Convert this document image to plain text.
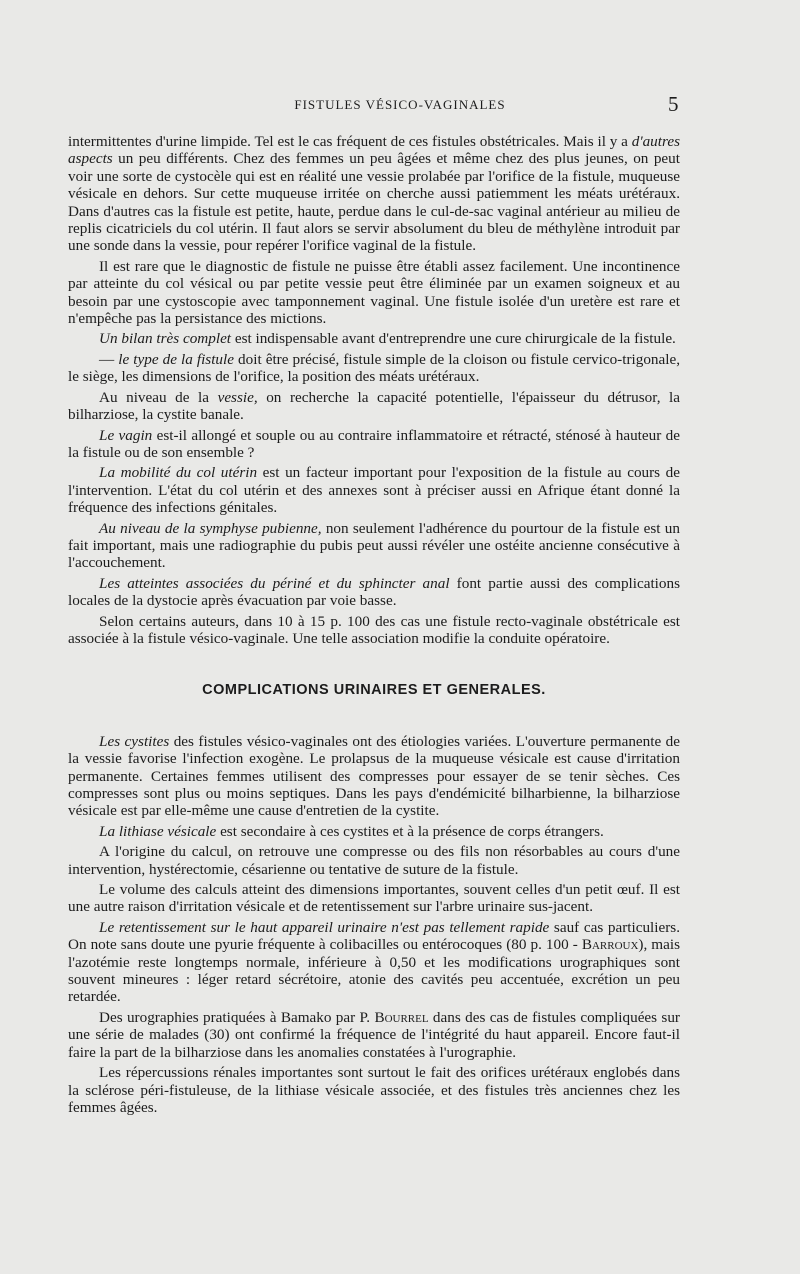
FISTULES VÉSICO-VAGINALES	5

intermittentes d'urine limpide. Tel est le cas fréquent de ces fistules obstétricales. Mais il y a d'autres aspects un peu différents. Chez des femmes un peu âgées et même chez des plus jeunes, on peut voir une sorte de cystocèle qui est en réalité une vessie prolabée par l'orifice de la fistule, muqueuse vésicale en dehors. Sur cette muqueuse irritée on cherche aussi patiemment les méats urétéraux. Dans d'autres cas la fistule est petite, haute, perdue dans le cul-de-sac vaginal antérieur au milieu de replis cicatriciels du col utérin. Il faut alors se servir absolument du bleu de méthylène introduit par une sonde dans la vessie, pour repérer l'orifice vaginal de la fistule.

Il est rare que le diagnostic de fistule ne puisse être établi assez facilement. Une incontinence par atteinte du col vésical ou par petite vessie peut être éliminée par un examen soigneux et au besoin par une cystoscopie avec tamponnement vaginal. Une fistule isolée d'un uretère est rare et n'empêche pas la persistance des mictions.

Un bilan très complet est indispensable avant d'entreprendre une cure chirurgicale de la fistule.

— le type de la fistule doit être précisé, fistule simple de la cloison ou fistule cervico-trigonale, le siège, les dimensions de l'orifice, la position des méats urétéraux.

Au niveau de la vessie, on recherche la capacité potentielle, l'épaisseur du détrusor, la bilharziose, la cystite banale.

Le vagin est-il allongé et souple ou au contraire inflammatoire et rétracté, sténosé à hauteur de la fistule ou de son ensemble ?

La mobilité du col utérin est un facteur important pour l'exposition de la fistule au cours de l'intervention. L'état du col utérin et des annexes sont à préciser aussi en Afrique étant donné la fréquence des infections génitales.

Au niveau de la symphyse pubienne, non seulement l'adhérence du pourtour de la fistule est un fait important, mais une radiographie du pubis peut aussi révéler une ostéite ancienne consécutive à l'accouchement.

Les atteintes associées du périné et du sphincter anal font partie aussi des complications locales de la dystocie après évacuation par voie basse.

Selon certains auteurs, dans 10 à 15 p. 100 des cas une fistule recto-vaginale obstétricale est associée à la fistule vésico-vaginale. Une telle association modifie la conduite opératoire.

COMPLICATIONS URINAIRES ET GENERALES.

Les cystites des fistules vésico-vaginales ont des étiologies variées. L'ouverture permanente de la vessie favorise l'infection exogène. Le prolapsus de la muqueuse vésicale est cause d'irritation permanente. Certaines femmes utilisent des compresses pour essayer de se tenir sèches. Ces compresses sont plus ou moins septiques. Dans les pays d'endémicité bilharbienne, la bilharziose vésicale est par elle-même une cause d'entretien de la cystite.

La lithiase vésicale est secondaire à ces cystites et à la présence de corps étrangers.

A l'origine du calcul, on retrouve une compresse ou des fils non résorbables au cours d'une intervention, hystérectomie, césarienne ou tentative de suture de la fistule.

Le volume des calculs atteint des dimensions importantes, souvent celles d'un petit œuf. Il est une autre raison d'irritation vésicale et de retentissement sur l'arbre urinaire sus-jacent.

Le retentissement sur le haut appareil urinaire n'est pas tellement rapide sauf cas particuliers. On note sans doute une pyurie fréquente à colibacilles ou entérocoques (80 p. 100 - Barroux), mais l'azotémie reste longtemps normale, inférieure à 0,50 et les modifications urographiques sont souvent mineures : léger retard sécrétoire, atonie des cavités peu accentuée, excrétion un peu retardée.

Des urographies pratiquées à Bamako par P. Bourrel dans des cas de fistules compliquées sur une série de malades (30) ont confirmé la fréquence de l'intégrité du haut appareil. Encore faut-il faire la part de la bilharziose dans les anomalies constatées à l'urographie.

Les répercussions rénales importantes sont surtout le fait des orifices urétéraux englobés dans la sclérose péri-fistuleuse, de la lithiase vésicale associée, et des fistules très anciennes chez les femmes âgées.
